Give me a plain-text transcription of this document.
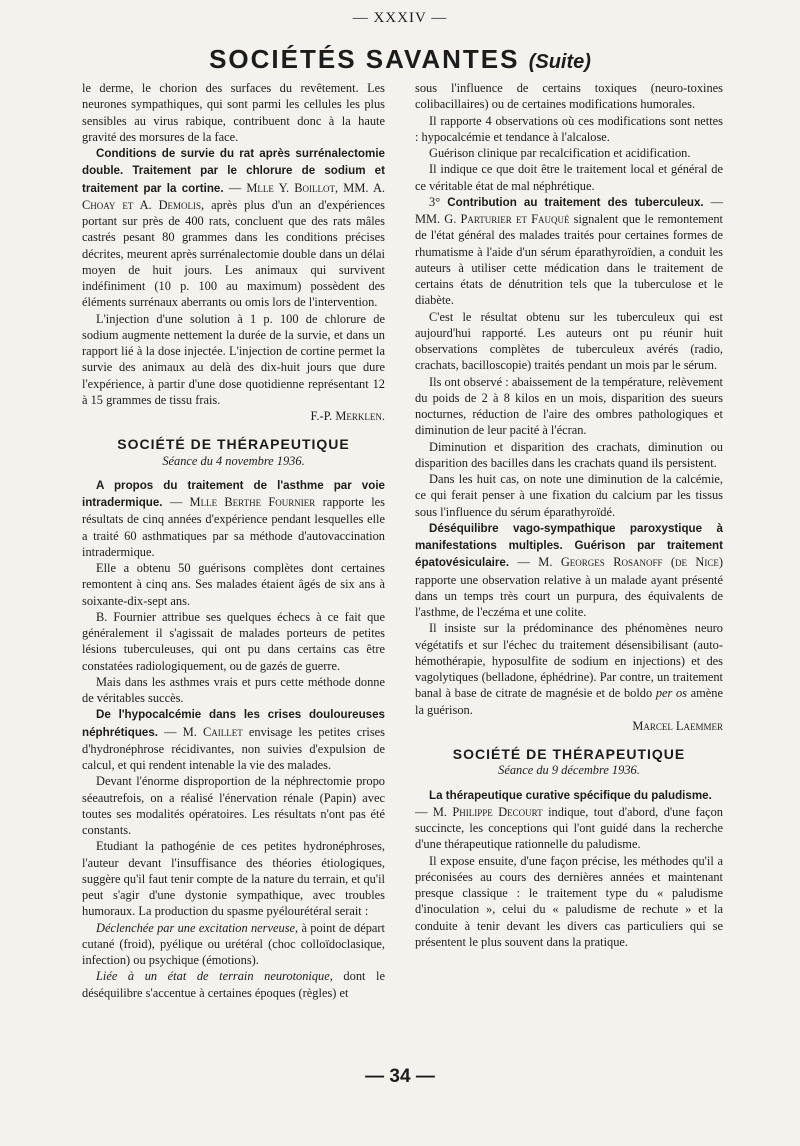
— XXXIV —
SOCIÉTÉS SAVANTES (Suite)

le derme, le chorion des surfaces du revêtement. Les neurones sympathiques, qui sont parmi les cellules les plus sensibles au virus rabique, contribuent donc à la haute gravité des morsures de la face.

Conditions de survie du rat après surrénalectomie double. Traitement par le chlorure de sodium et traitement par la cortine. — Mlle Y. Boillot, MM. A. Choay et A. Demolis, après plus d'un an d'expériences portant sur près de 400 rats, concluent que des rats mâles castrés pesant 80 grammes dans les conditions précises décrites, meurent après surrénalectomie double dans un délai moyen de huit jours. Les animaux qui survivent indéfiniment (10 p. 100 au maximum) possèdent des éléments surrénaux aberrants ou omis lors de l'intervention.

L'injection d'une solution à 1 p. 100 de chlorure de sodium augmente nettement la durée de la survie, et dans un rapport lié à la dose injectée. L'injection de cortine permet la survie des animaux au delà des dix-huit jours que dure l'expérience, à partir d'une dose quotidienne représentant 12 à 15 grammes de tissu frais.

F.-P. Merklen.
SOCIÉTÉ DE THÉRAPEUTIQUE
Séance du 4 novembre 1936.

A propos du traitement de l'asthme par voie intradermique. — Mlle Berthe Fournier rapporte les résultats de cinq années d'expérience pendant lesquelles elle a traité 60 asthmatiques par sa méthode d'autovaccination intradermique.

Elle a obtenu 50 guérisons complètes dont certaines remontent à cinq ans. Ses malades étaient âgés de six ans à soixante-dix-sept ans.

B. Fournier attribue ses quelques échecs à ce fait que généralement il s'agissait de malades porteurs de petites lésions tuberculeuses, qui ont pu dans certains cas être constatées radiologiquement, ou de gazés de guerre.

Mais dans les asthmes vrais et purs cette méthode donne de véritables succès.

De l'hypocalcémie dans les crises douloureuses néphrétiques. — M. Caillet envisage les petites crises d'hydronéphrose récidivantes, non suivies d'expulsion de calcul, et qui rendent intenable la vie des malades.

Devant l'énorme disproportion de la néphrectomie propo séeautrefois, on a réalisé l'énervation rénale (Papin) avec toutes ses modalités opératoires. Les résultats n'ont pas été constants.

Etudiant la pathogénie de ces petites hydronéphroses, l'auteur devant l'insuffisance des théories étiologiques, suggère qu'il faut tenir compte de la nature du terrain, et qu'il peut s'agir d'une dystonie sympathique, avec troubles humoraux. La production du spasme pyélourétéral serait :

Déclenchée par une excitation nerveuse, à point de départ cutané (froid), pyélique ou urétéral (choc colloïdoclasique, infection) ou psychique (émotions).

Liée à un état de terrain neurotonique, dont le déséquilibre s'accentue à certaines époques (règles) et

sous l'influence de certains toxiques (neuro-toxines colibacillaires) ou de certaines modifications humorales.

Il rapporte 4 observations où ces modifications sont nettes : hypocalcémie et tendance à l'alcalose.

Guérison clinique par recalcification et acidification.

Il indique ce que doit être le traitement local et général de ce véritable état de mal néphrétique.

3° Contribution au traitement des tuberculeux. — MM. G. Parturier et Fauqué signalent que le remontement de l'état général des malades traités pour certaines formes de rhumatisme à l'aide d'un sérum éparathyroïdien, a conduit les auteurs à utiliser cette médication dans le traitement de certains états de dénutrition tels que la tuberculose et le diabète.

C'est le résultat obtenu sur les tuberculeux qui est aujourd'hui rapporté. Les auteurs ont pu réunir huit observations complètes de tuberculeux avérés (radio, crachats, bacilloscopie) traités pendant un mois par le sérum.

Ils ont observé : abaissement de la température, relèvement du poids de 2 à 8 kilos en un mois, disparition des sueurs nocturnes, réduction de l'aire des ombres pathologiques et diminution de leur pacité à l'écran.

Diminution et disparition des crachats, diminution ou disparition des bacilles dans les crachats quand ils persistent.

Dans les huit cas, on note une diminution de la calcémie, ce qui ferait penser à une fixation du calcium par les tissus sous l'influence du sérum éparathyroïdé.

Déséquilibre vago-sympathique paroxystique à manifestations multiples. Guérison par traitement épatovésiculaire. — M. Georges Rosanoff (de Nice) rapporte une observation relative à un malade ayant présenté dans un temps très court un purpura, des équivalents de l'asthme, de l'eczéma et une colite.

Il insiste sur la prédominance des phénomènes neuro végétatifs et sur l'échec du traitement désensibilisant (auto-hémothérapie, hyposulfite de sodium en injections) et des vagolytiques (belladone, éphédrine). Par contre, un traitement banal à base de citrate de magnésie et de boldo per os amène la guérison.

Marcel Laemmer
SOCIÉTÉ DE THÉRAPEUTIQUE
Séance du 9 décembre 1936.

La thérapeutique curative spécifique du paludisme.
— M. Philippe Decourt indique, tout d'abord, d'une façon succincte, les conceptions qui l'ont guidé dans la recherche d'une thérapeutique rationnelle du paludisme.

Il expose ensuite, d'une façon précise, les méthodes qu'il a préconisées au cours des dernières années et maintenant presque classique : le traitement type du « paludisme d'inoculation », celui du « paludisme de rechute » et la conduite à tenir devant les divers cas particuliers qui se présentent le plus souvent dans la pratique.

— 34 —
